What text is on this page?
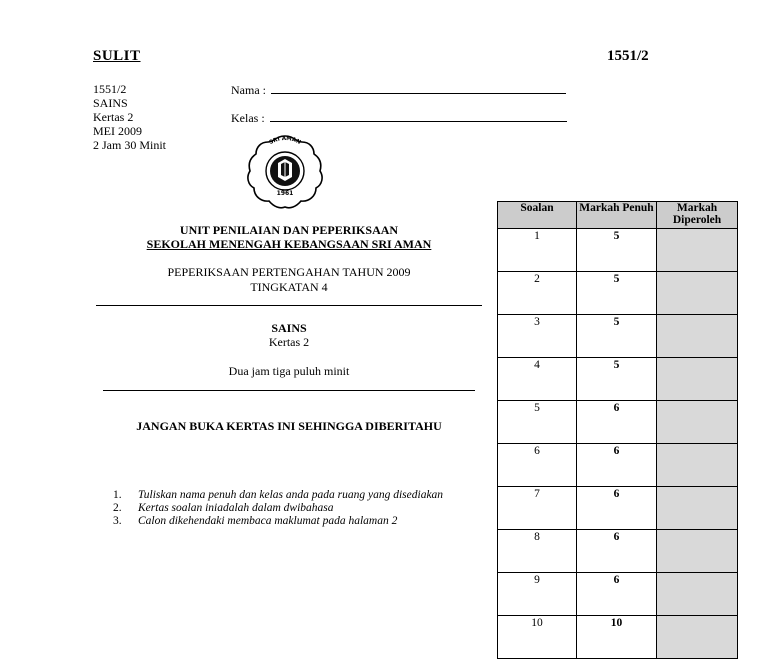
SULIT	1551/2
1551/2
SAINS
Kertas 2
MEI 2009
2 Jam 30 Minit
Nama :
Kelas :
1961
SRI AMAN
UNIT PENILAIAN DAN PEPERIKSAAN
SEKOLAH MENENGAH KEBANGSAAN SRI AMAN
PEPERIKSAAN PERTENGAHAN TAHUN 2009
TINGKATAN 4
SAINS
Kertas 2
Dua jam tiga puluh minit
JANGAN BUKA KERTAS INI SEHINGGA DIBERITAHU
1. Tuliskan nama penuh dan kelas anda pada ruang yang disediakan
2. Kertas soalan iniadalah dalam dwibahasa
3. Calon dikehendaki membaca maklumat pada halaman 2
Soalan	Markah Penuh	Markah Diperoleh
1	5	
2	5	
3	5	
4	5	
5	6	
6	6	
7	6	
8	6	
9	6	
10	10	
